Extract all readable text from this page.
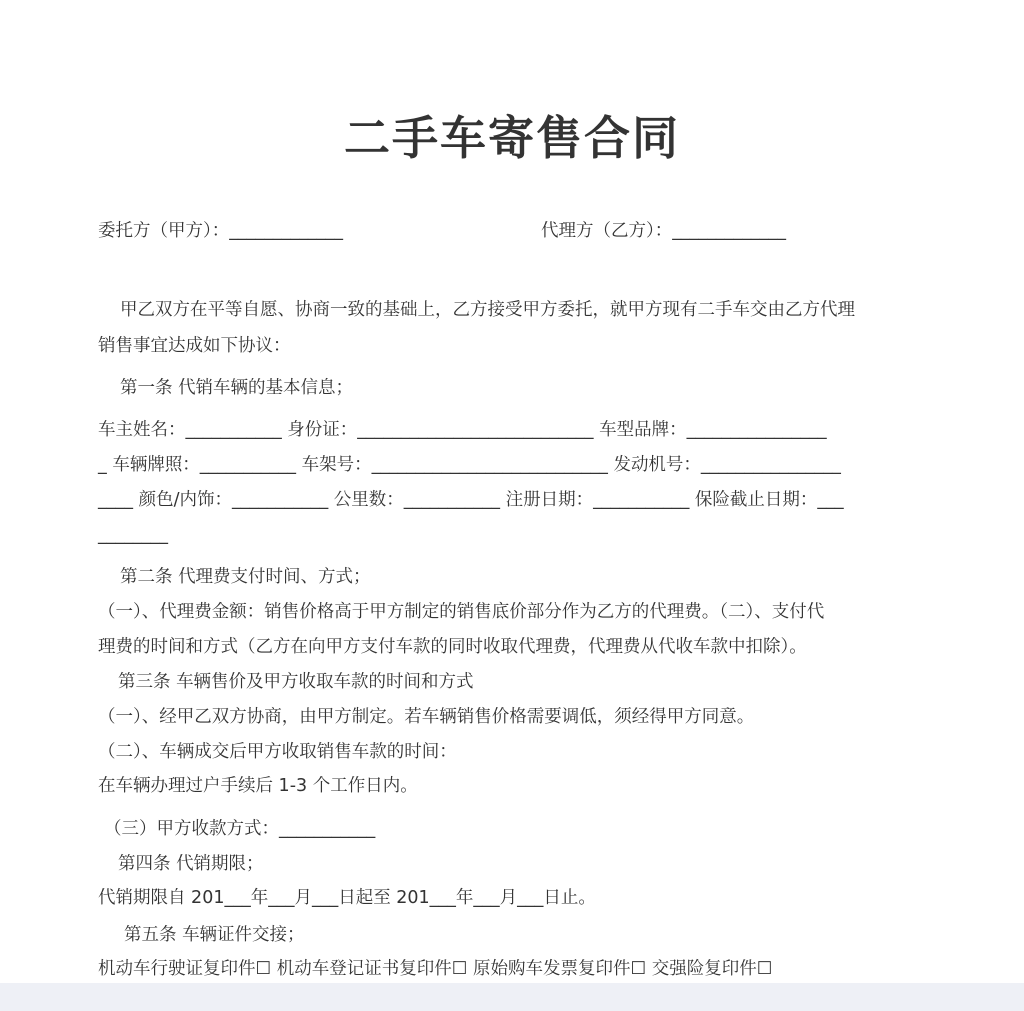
二手车寄售合同
委托方（甲方）：_____________	代理方（乙方）：_____________
甲乙双方在平等自愿、协商一致的基础上，乙方接受甲方委托，就甲方现有二手车交由乙方代理
销售事宜达成如下协议：
第一条 代销车辆的基本信息；
车主姓名：___________ 身份证：___________________________ 车型品牌：________________
_ 车辆牌照：___________ 车架号：___________________________ 发动机号：________________
____ 颜色/内饰：___________ 公里数：___________ 注册日期：___________ 保险截止日期：___
________
第二条 代理费支付时间、方式；
（一）、代理费金额：销售价格高于甲方制定的销售底价部分作为乙方的代理费。（二）、支付代
理费的时间和方式（乙方在向甲方支付车款的同时收取代理费，代理费从代收车款中扣除）。
第三条 车辆售价及甲方收取车款的时间和方式
（一）、经甲乙双方协商，由甲方制定。若车辆销售价格需要调低，须经得甲方同意。
（二）、车辆成交后甲方收取销售车款的时间：
在车辆办理过户手续后 1-3 个工作日内。
（三）甲方收款方式：___________
第四条 代销期限；
代销期限自 201___年___月___日起至 201___年___月___日止。
第五条 车辆证件交接；
机动车行驶证复印件☐ 机动车登记证书复印件☐ 原始购车发票复印件☐ 交强险复印件☐
